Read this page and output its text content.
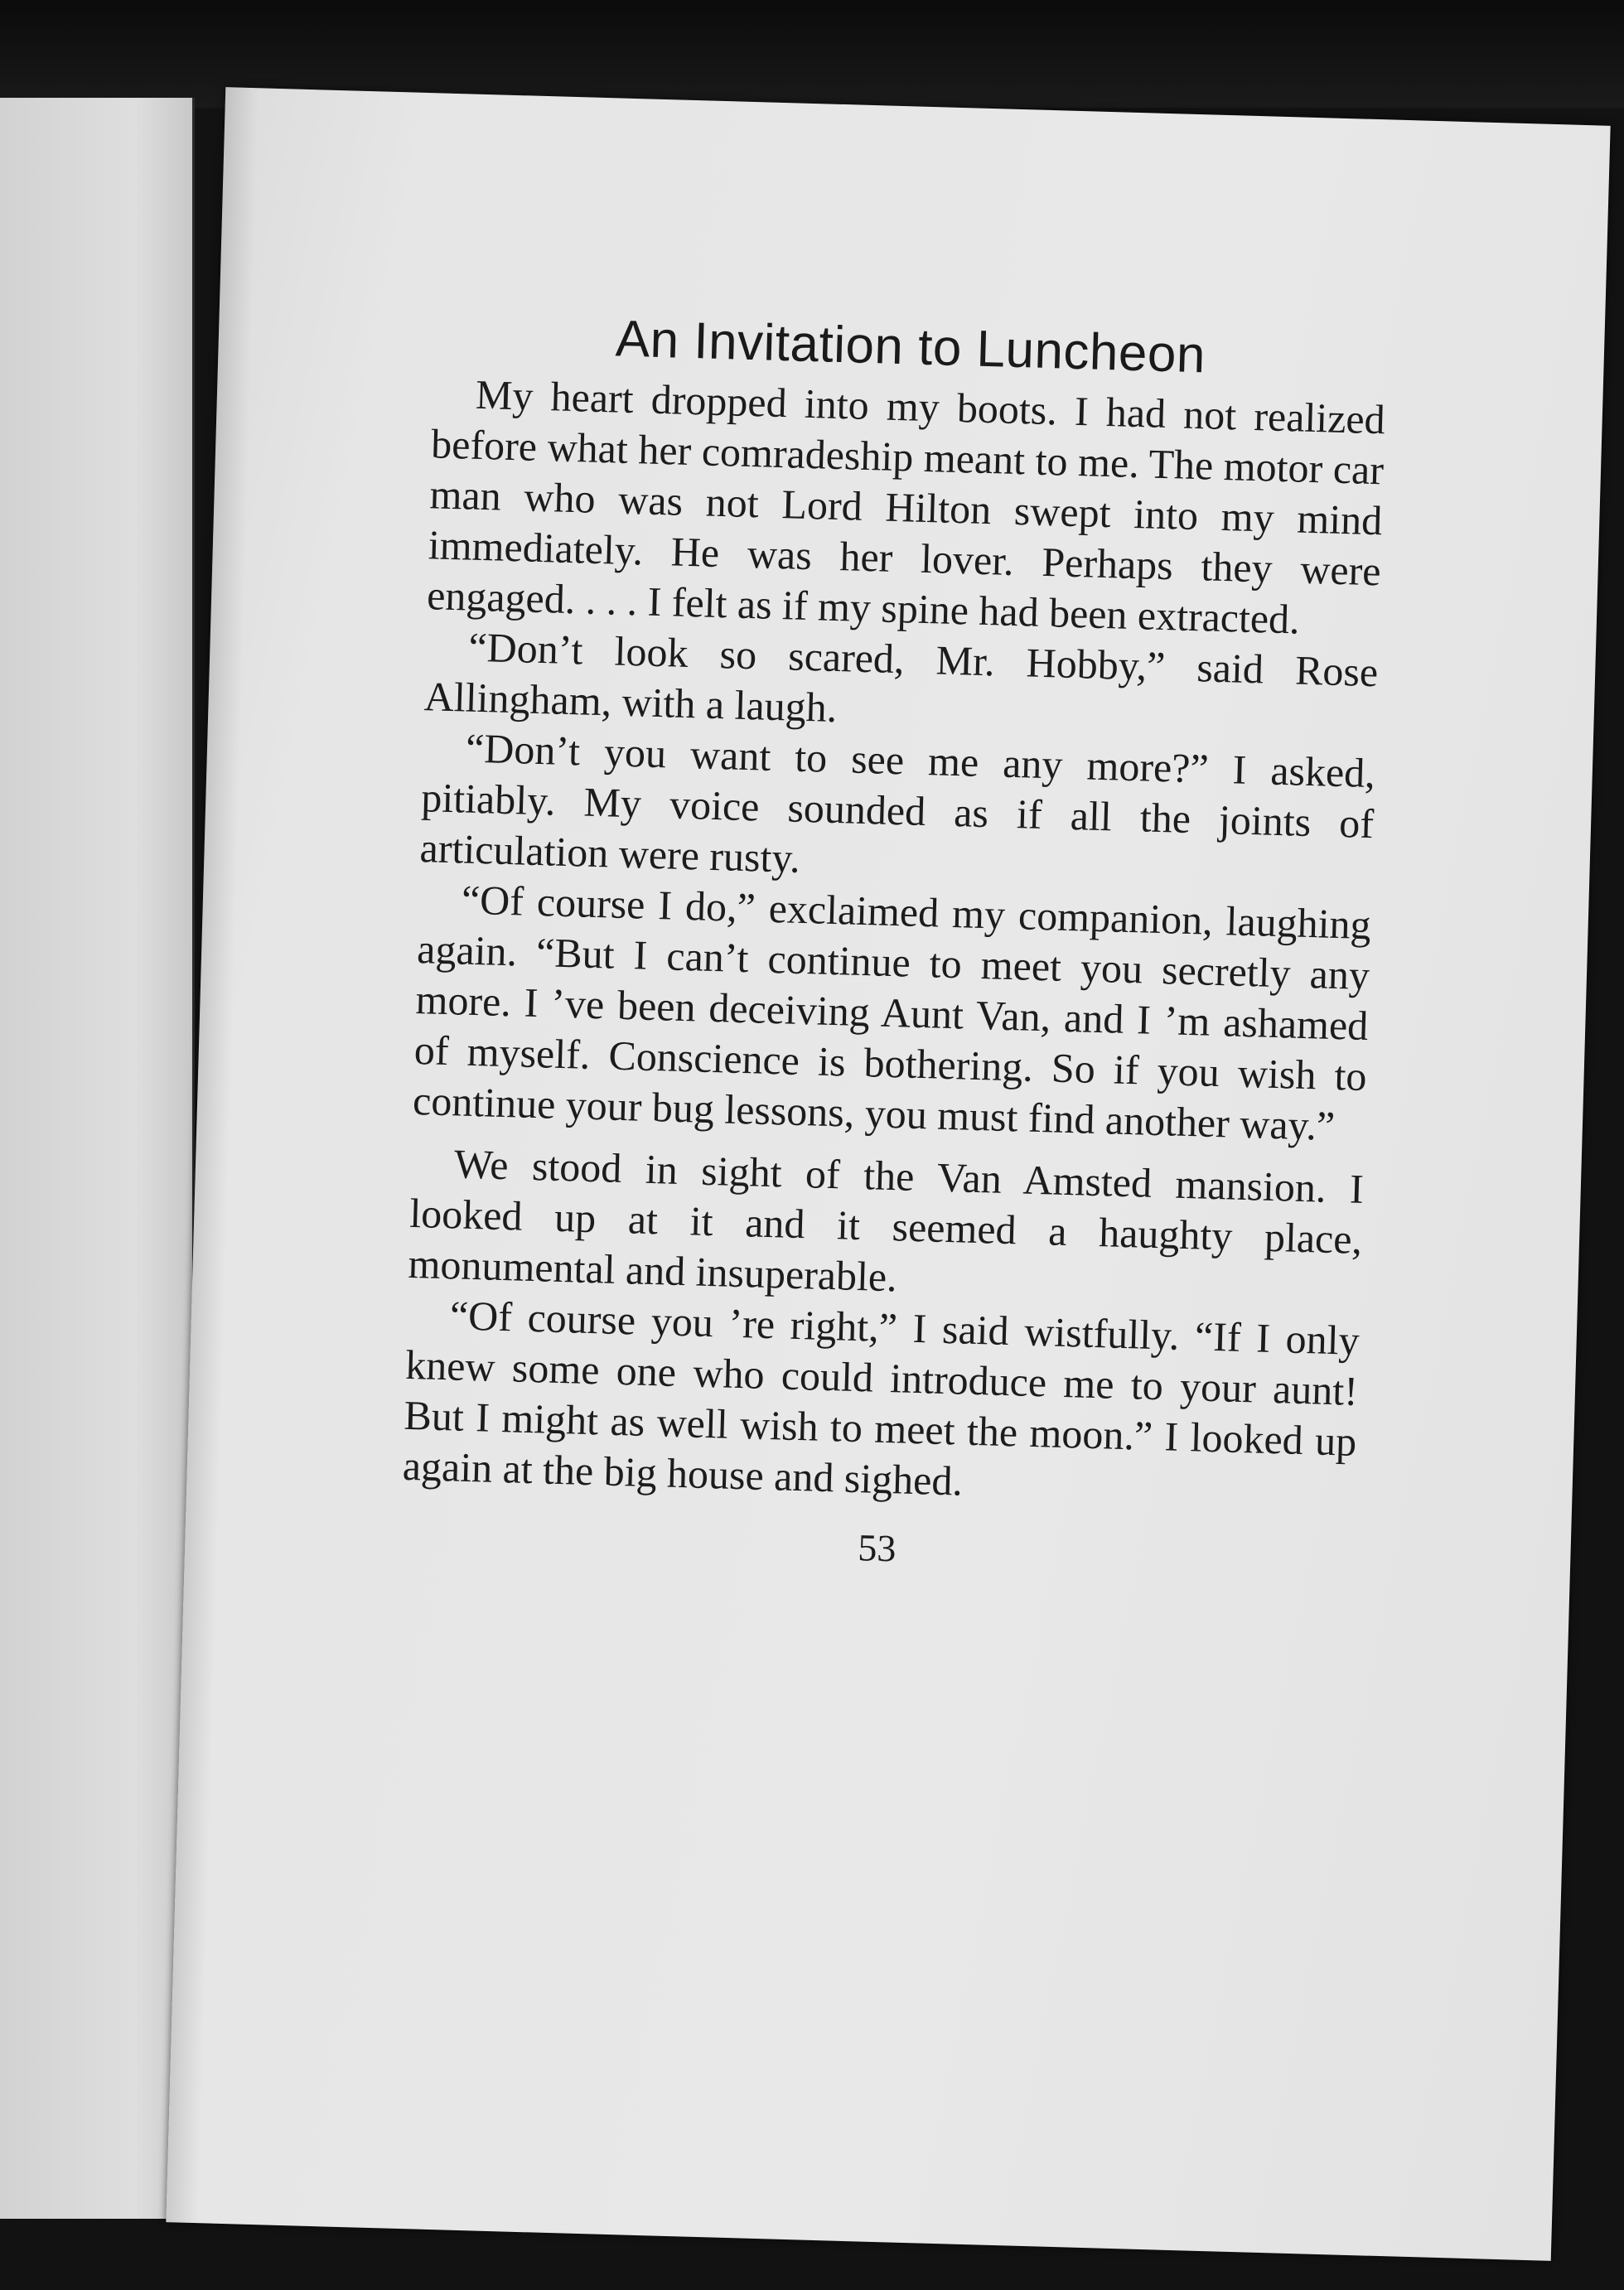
An Invitation to Luncheon

My heart dropped into my boots. I had not realized before what her comradeship meant to me. The motor car man who was not Lord Hilton swept into my mind immediately. He was her lover. Perhaps they were engaged. . . . I felt as if my spine had been extracted.

“Don’t look so scared, Mr. Hobby,” said Rose Allingham, with a laugh.

“Don’t you want to see me any more?” I asked, pitiably. My voice sounded as if all the joints of articulation were rusty.

“Of course I do,” exclaimed my companion, laughing again. “But I can’t continue to meet you secretly any more. I ’ve been deceiving Aunt Van, and I ’m ashamed of myself. Conscience is bothering. So if you wish to continue your bug lessons, you must find another way.”

We stood in sight of the Van Amsted mansion. I looked up at it and it seemed a haughty place, monumental and insuperable.

“Of course you ’re right,” I said wistfully. “If I only knew some one who could introduce me to your aunt! But I might as well wish to meet the moon.” I looked up again at the big house and sighed.

53
